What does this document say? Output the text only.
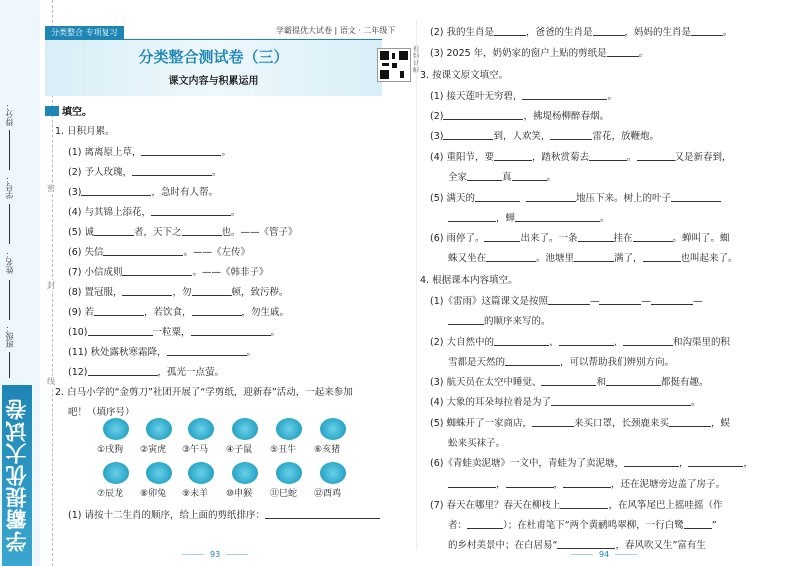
得分：
学号：
姓名：
班级：
学霸提优大试卷
密
封
线
分类整合 专项复习	学霸提优大试卷 | 语文 · 二年级下
分类整合测试卷（三）
课文内容与积累运用
视频讲解
填空。
1. 日积月累。
(1) 离离原上草，	。
(2) 予人玫瑰，	。
(3)	，急时有人帮。
(4) 与其锦上添花，	。
(5) 诚	者，天下之	也。——《管子》
(6) 失信	。——《左传》
(7) 小信成则	。——《韩非子》
(8) 置冠服，	，勿	顿，致污秽。
(9) 若	，若饮食，	，勿生戚。
(10)	一粒粟，	。
(11) 秋处露秋寒霜降，	。
(12)	，孤光一点萤。
2. 白马小学的“金剪刀”社团开展了“学剪纸，迎新春”活动，一起来参加
吧！（填序号）
①戌狗 ②寅虎 ③午马 ④子鼠 ⑤丑牛 ⑥亥猪
⑦辰龙 ⑧卯兔 ⑨未羊 ⑩申猴 ⑪巳蛇 ⑫酉鸡
(1) 请按十二生肖的顺序，给上面的剪纸排序：
93
(2) 我的生肖是	，爸爸的生肖是	，妈妈的生肖是	。
(3) 2025 年，奶奶家的窗户上贴的剪纸是	。
3. 按课文原文填空。
(1) 接天莲叶无穷碧，	。
(2)	，拂堤杨柳醉春烟。
(3)	到，人欢笑，	雷花，放鞭炮。
(4) 重阳节，要	，踏秋赏菊去	。	又是新春到，
全家	真	。
(5) 满天的	地压下来。树上的叶子
，蝉	。
(6) 雨停了。	出来了。一条	挂在	。蝉叫了。蜘
蛛又坐在	。池塘里	满了，	也叫起来了。
4. 根据课本内容填空。
(1)《雷雨》这篇课文是按照	—	—	—
的顺序来写的。
(2) 大自然中的	、	、	和沟渠里的积
雪都是天然的	，可以帮助我们辨别方向。
(3) 航天员在太空中睡觉、	和	都挺有趣。
(4) 大象的耳朵每拉着是为了	。
(5) 蜘蛛开了一家商店，	来买口罩，长颈鹿来买	，蜈
蚣来买袜子。
(6)《青蛙卖泥塘》一文中，青蛙为了卖泥塘，	，	，
，	，	，还在泥塘旁边盖了房子。
(7) 春天在哪里？春天在柳枝上	，在风筝尾巴上摇哇摇（作
者：	）；在杜甫笔下“两个黄鹂鸣翠柳，一行白鹭	”
的乡村美景中；在白居易“	，春风吹又生”富有生
94
